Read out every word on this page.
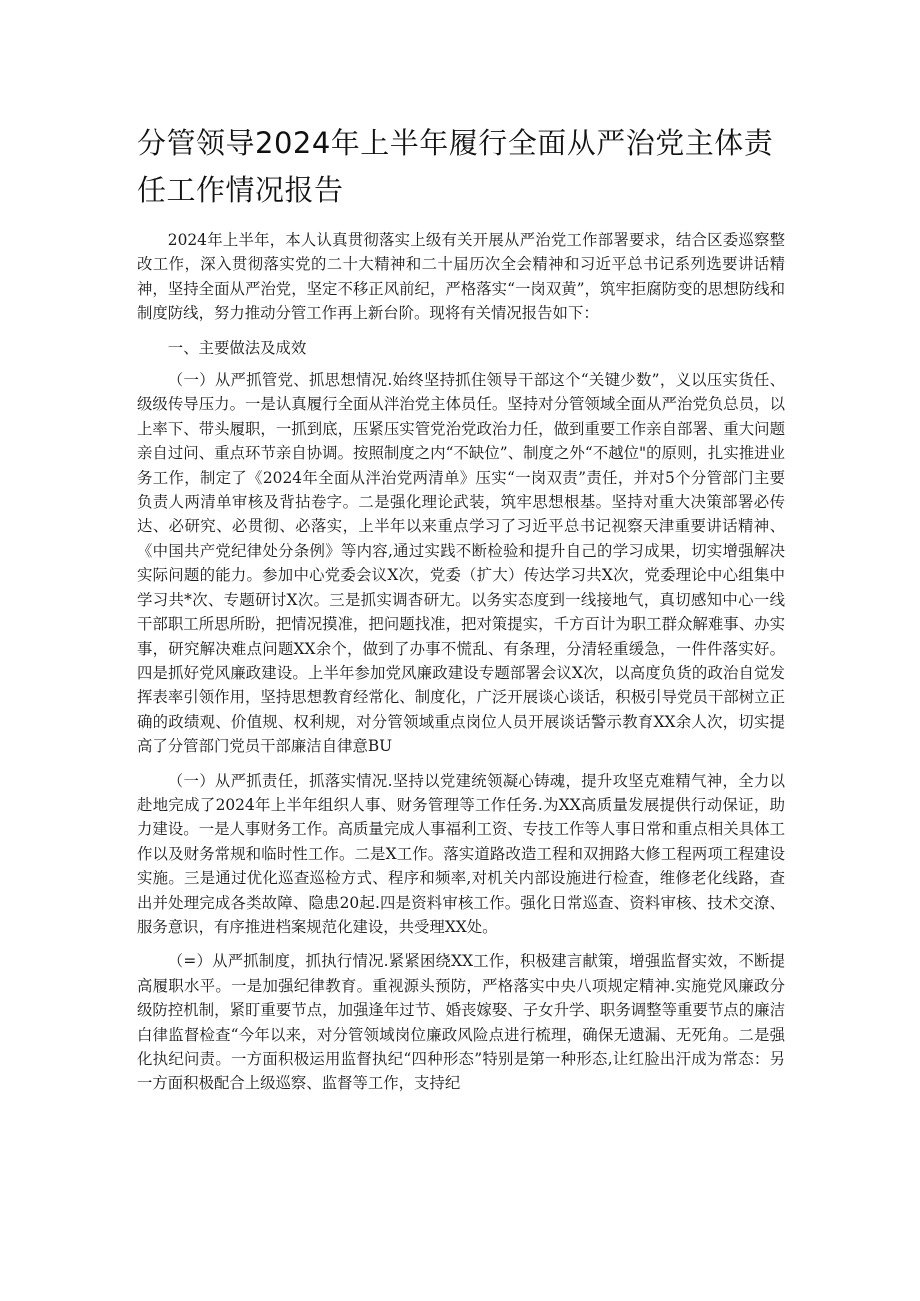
分管领导2024年上半年履行全面从严治党主体责任工作情况报告

2024年上半年，本人认真贯彻落实上级有关开展从严治党工作部署要求，结合区委巡察整改工作，深入贯彻落实党的二十大精神和二十届历次全会精神和习近平总书记系列选要讲话精神，坚持全面从严治党，坚定不移正风前纪，严格落实“一岗双黄”，筑牢拒腐防变的思想防线和制度防线，努力推动分管工作再上新台阶。现将有关情况报告如下：

一、主要做法及成效

（一）从严抓管党、抓思想情况.始终坚持抓住领导干部这个“关键少数”，义以压实货任、级级传导压力。一是认真履行全面从泮治党主体员任。坚持对分管领域全面从严治党负总员，以上率下、带头履职，一抓到底，压紧压实管党治党政治力任，做到重要工作亲自部署、重大问题亲自过问、重点环节亲自协调。按照制度之内“不缺位”、制度之外“不越位"的原则，扎实推进业务工作，制定了《2024年全面从泮治党两清单》压实“一岗双责”责任，并对5个分管部门主要负责人两清单审核及背拈卷字。二是强化理论武装，筑牢思想根基。坚持对重大决策部署必传达、必研究、必贯彻、必落实，上半年以来重点学习了习近平总书记视察天津重要讲话精神、《中国共产党纪律处分条例》等内容,通过实践不断检验和提升自己的学习成果，切实增强解决实际问题的能力。参加中心党委会议X次，党委（扩大）传达学习共X次，党委理论中心组集中学习共*次、专题研讨X次。三是抓实调杳研尢。以务实态度到一线接地气，真切感知中心一线干部职工所思所盼，把情况摸准，把问题找准，把对策提实，千方百计为职工群众解难事、办实事，研究解决难点问题XX余个，做到了办事不慌乱、有条理，分清轻重缓急，一件件落实好。四是抓好党风廉政建设。上半年参加党风廉政建设专题部署会议X次，以高度负货的政治自觉发挥表率引领作用，坚持思想教育经常化、制度化，广泛开展谈心谈话，积极引导党员干部树立正确的政绩观、价值规、权利规，对分管领域重点岗位人员开展谈话警示教育XX余人次，切实提高了分管部门党员干部廉洁自律意BU

（一）从严抓责任，抓落实情况.坚持以党建统领凝心铸魂，提升攻坚克难精气神，全力以赴地完成了2024年上半年组织人事、财务管理等工作任务.为XX高质量发展提供行动保证，助力建设。一是人事财务工作。高质量完成人事福利工资、专技工作等人事日常和重点相关具体工作以及财务常规和临时性工作。二是X工作。落实道路改造工程和双拥路大修工程两项工程建设实施。三是通过优化巡查巡检方式、程序和频率,对机关内部设施进行检查，维修老化线路，查出并处理完成各类故障、隐患20起.四是资料审核工作。强化日常巡查、资料审核、技术交潦、服务意识，有序推进档案规范化建设，共受理XX处。

（=）从严抓制度，抓执行情况.紧紧困绕XX工作，积极建言献策，增强监督实效，不断提高履职水平。一是加强纪律教育。重视源头预防，严格落实中央八项规定精神.实施党风廉政分级防控机制，紧盯重要节点，加强逢年过节、婚丧嫁娶、子女升学、职务调整等重要节点的廉洁白律监督检查“今年以来，对分管领域岗位廉政风险点进行梳理，确保无遗漏、无死角。二是强化执纪问责。一方面积极运用监督执纪“四种形态”特别是第一种形态,让红脸出汗成为常态：另一方面积极配合上级巡察、监督等工作，支持纪
